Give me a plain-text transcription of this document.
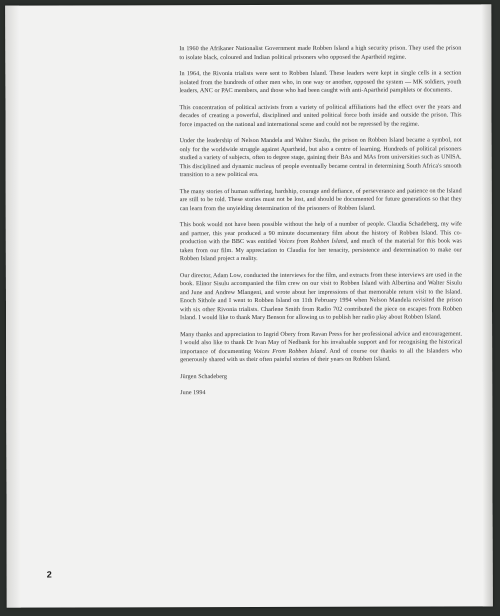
In 1960 the Afrikaner Nationalist Government made Robben Island a high security prison. They used the prison to isolate black, coloured and Indian political prisoners who opposed the Apartheid regime.

In 1964, the Rivonia trialists were sent to Robben Island. These leaders were kept in single cells in a section isolated from the hundreds of other men who, in one way or another, opposed the system — MK soldiers, youth leaders, ANC or PAC members, and those who had been caught with anti-Apartheid pamphlets or documents.

This concentration of political activists from a variety of political affiliations had the effect over the years and decades of creating a powerful, disciplined and united political force both inside and outside the prison. This force impacted on the national and international scene and could not be repressed by the regime.

Under the leadership of Nelson Mandela and Walter Sisulu, the prison on Robben Island became a symbol, not only for the worldwide struggle against Apartheid, but also a centre of learning. Hundreds of political prisoners studied a variety of subjects, often to degree stage, gaining their BAs and MAs from universities such as UNISA. This disciplined and dynamic nucleus of people eventually became central in determining South Africa's smooth transition to a new political era.

The many stories of human suffering, hardship, courage and defiance, of perseverance and patience on the Island are still to be told. These stories must not be lost, and should be documented for future generations so that they can learn from the unyielding determination of the prisoners of Robben Island.

This book would not have been possible without the help of a number of people. Claudia Schadeberg, my wife and partner, this year produced a 90 minute documentary film about the history of Robben Island. This co-production with the BBC was entitled Voices from Robben Island, and much of the material for this book was taken from our film. My appreciation to Claudia for her tenacity, persistence and determination to make our Robben Island project a reality.

Our director, Adam Low, conducted the interviews for the film, and extracts from these interviews are used in the book. Elinor Sisulu accompanied the film crew on our visit to Robben Island with Albertina and Walter Sisulu and June and Andrew Mlangeni, and wrote about her impressions of that memorable return visit to the Island. Enoch Sithole and I went to Robben Island on 11th February 1994 when Nelson Mandela revisited the prison with six other Rivonia trialists. Charlene Smith from Radio 702 contributed the piece on escapes from Robben Island. I would like to thank Mary Benson for allowing us to publish her radio play about Robben Island.

Many thanks and appreciation to Ingrid Obery from Ravan Press for her professional advice and encouragement. I would also like to thank Dr Ivan May of Nedbank for his invaluable support and for recognising the historical importance of documenting Voices From Robben Island. And of course our thanks to all the Islanders who generously shared with us their often painful stories of their years on Robben Island.

Jürgen Schadeberg

June 1994

2
